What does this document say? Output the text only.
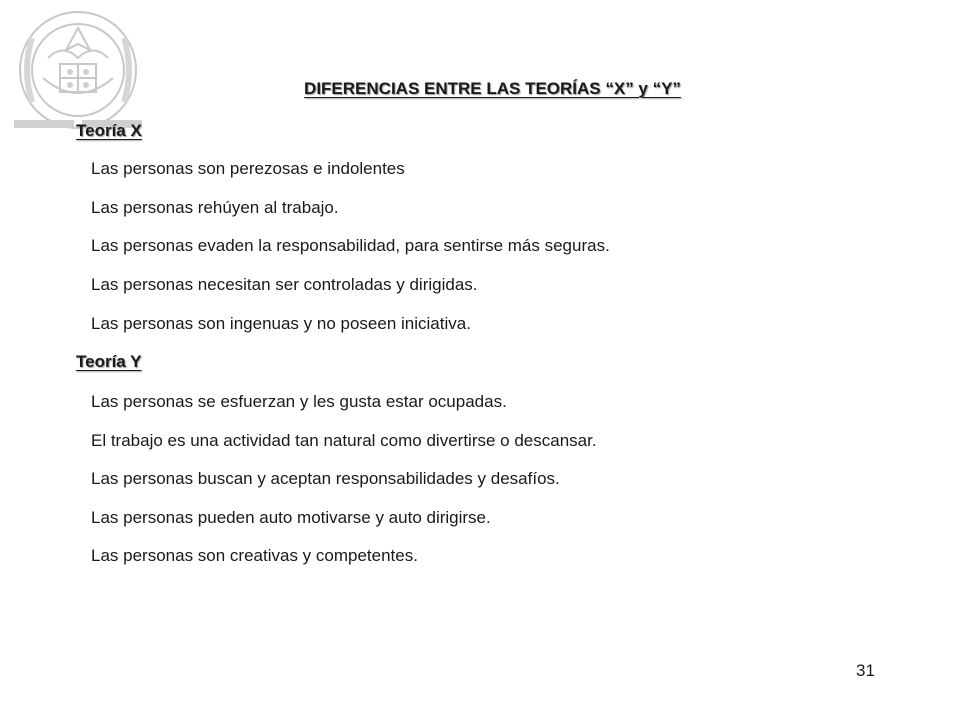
DIFERENCIAS ENTRE LAS TEORÍAS “X” y “Y”
Teoría X
Las personas son perezosas e indolentes
Las personas rehúyen al trabajo.
Las personas evaden la responsabilidad, para sentirse más seguras.
Las personas necesitan ser controladas y dirigidas.
Las personas son ingenuas y no poseen iniciativa.
Teoría Y
Las personas se esfuerzan y les gusta estar ocupadas.
El trabajo es una actividad tan natural como divertirse o descansar.
Las personas buscan y aceptan responsabilidades y desafíos.
Las personas pueden auto motivarse y auto dirigirse.
Las personas son creativas y competentes.
31
